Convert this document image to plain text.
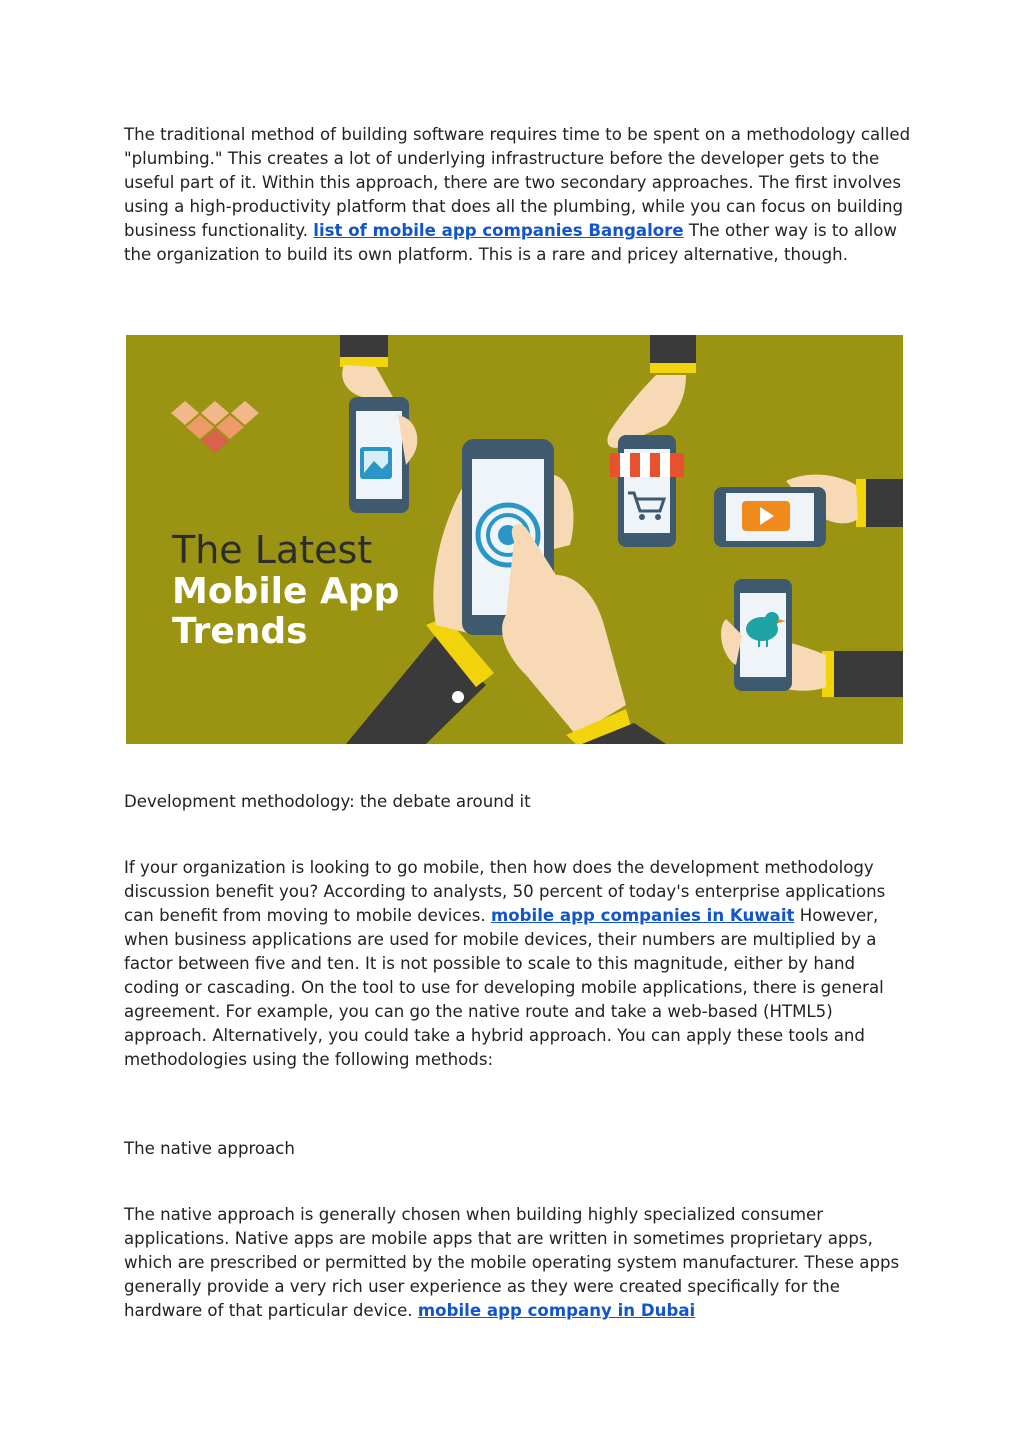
The traditional method of building software requires time to be spent on a methodology called "plumbing." This creates a lot of underlying infrastructure before the developer gets to the useful part of it. Within this approach, there are two secondary approaches. The first involves using a high-productivity platform that does all the plumbing, while you can focus on building business functionality. list of mobile app companies Bangalore The other way is to allow the organization to build its own platform. This is a rare and pricey alternative, though.

The Latest
Mobile App
Trends

Development methodology: the debate around it

If your organization is looking to go mobile, then how does the development methodology discussion benefit you? According to analysts, 50 percent of today's enterprise applications can benefit from moving to mobile devices. mobile app companies in Kuwait However, when business applications are used for mobile devices, their numbers are multiplied by a factor between five and ten. It is not possible to scale to this magnitude, either by hand coding or cascading. On the tool to use for developing mobile applications, there is general agreement. For example, you can go the native route and take a web-based (HTML5) approach. Alternatively, you could take a hybrid approach. You can apply these tools and methodologies using the following methods:

The native approach

The native approach is generally chosen when building highly specialized consumer applications. Native apps are mobile apps that are written in sometimes proprietary apps, which are prescribed or permitted by the mobile operating system manufacturer. These apps generally provide a very rich user experience as they were created specifically for the hardware of that particular device. mobile app company in Dubai
